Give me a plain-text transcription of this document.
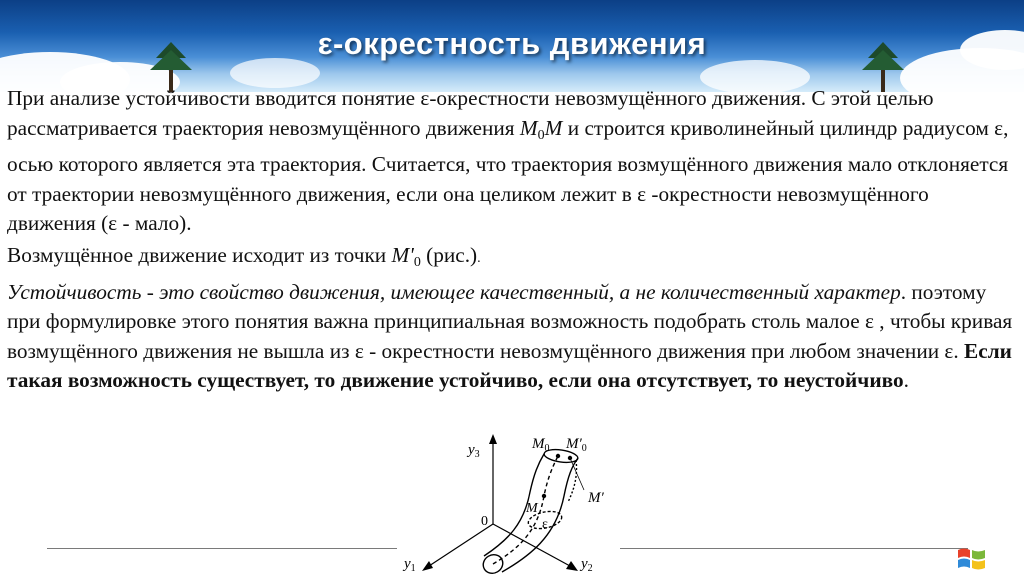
ε-окрестность движения

При анализе устойчивости вводится понятие ε-окрестности невозмущённого движения. С этой целью рассматривается траектория невозмущённого движения $M_0M$ и строится криволинейный цилиндр радиусом ε, осью которого является эта траектория. Считается, что траектория возмущённого движения мало отклоняется от траектории невозмущённого движения, если она целиком лежит в ε -окрестности невозмущённого движения (ε - мало).

Возмущённое движение исходит из точки $M'_0$ (рис.).

Устойчивость - это свойство движения, имеющее качественный, а не количественный характер. поэтому при формулировке этого понятия важна принципиальная возможность подобрать столь малое ε , чтобы кривая возмущённого движения не вышла из ε - окрестности невозмущённого движения при любом значении ε. Если такая возможность существует, то движение устойчиво, если она отсутствует, то неустойчиво.

$y_3$
$y_1$	$y_2$
0
$M_0$ $M'_0$
M′
M
ε
